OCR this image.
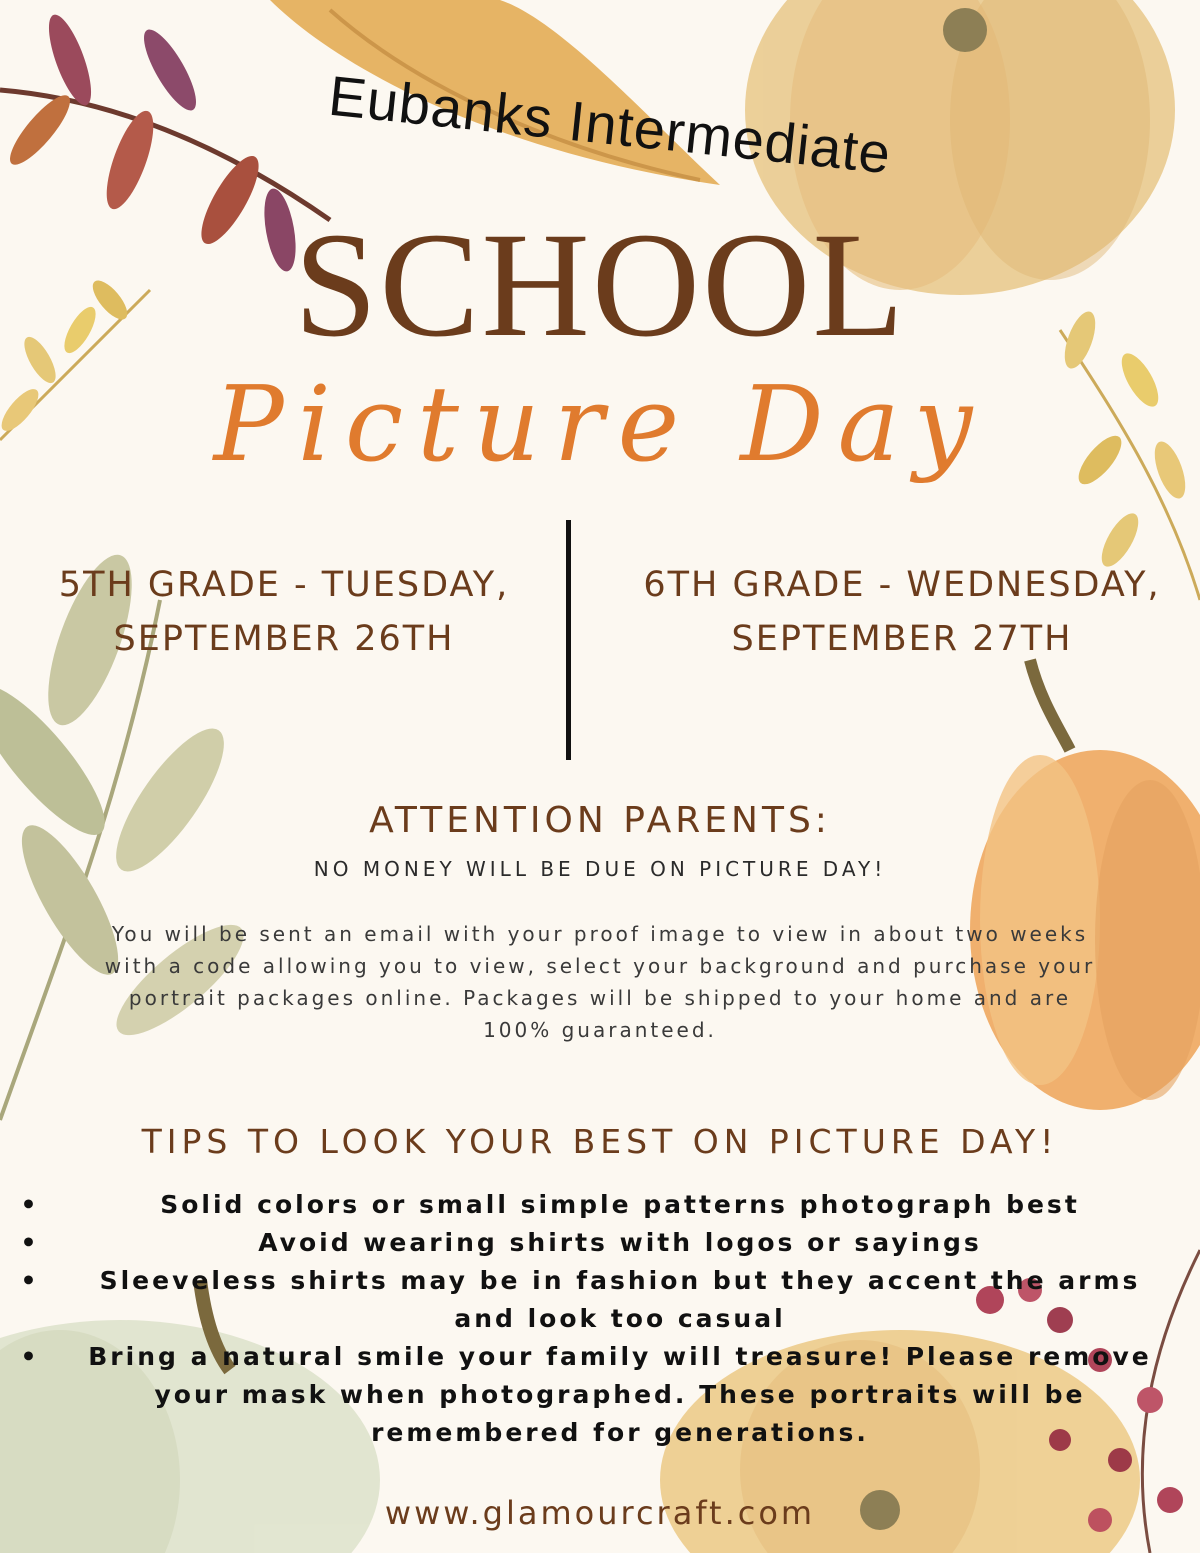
Eubanks Intermediate
SCHOOL
Picture Day
5TH GRADE - TUESDAY, SEPTEMBER 26TH
6TH GRADE - WEDNESDAY, SEPTEMBER 27TH
ATTENTION PARENTS:
NO MONEY WILL BE DUE ON PICTURE DAY!
You will be sent an email with your proof image to view in about two weeks with a code allowing you to view, select your background and purchase your portrait packages online. Packages will be shipped to your home and are 100% guaranteed.
TIPS TO LOOK YOUR BEST ON PICTURE DAY!
•	Solid colors or small simple patterns photograph best
•	Avoid wearing shirts with logos or sayings
• Sleeveless shirts may be in fashion but they accent the arms and look too casual
• Bring a natural smile your family will treasure! Please remove your mask when photographed. These portraits will be remembered for generations.
www.glamourcraft.com
